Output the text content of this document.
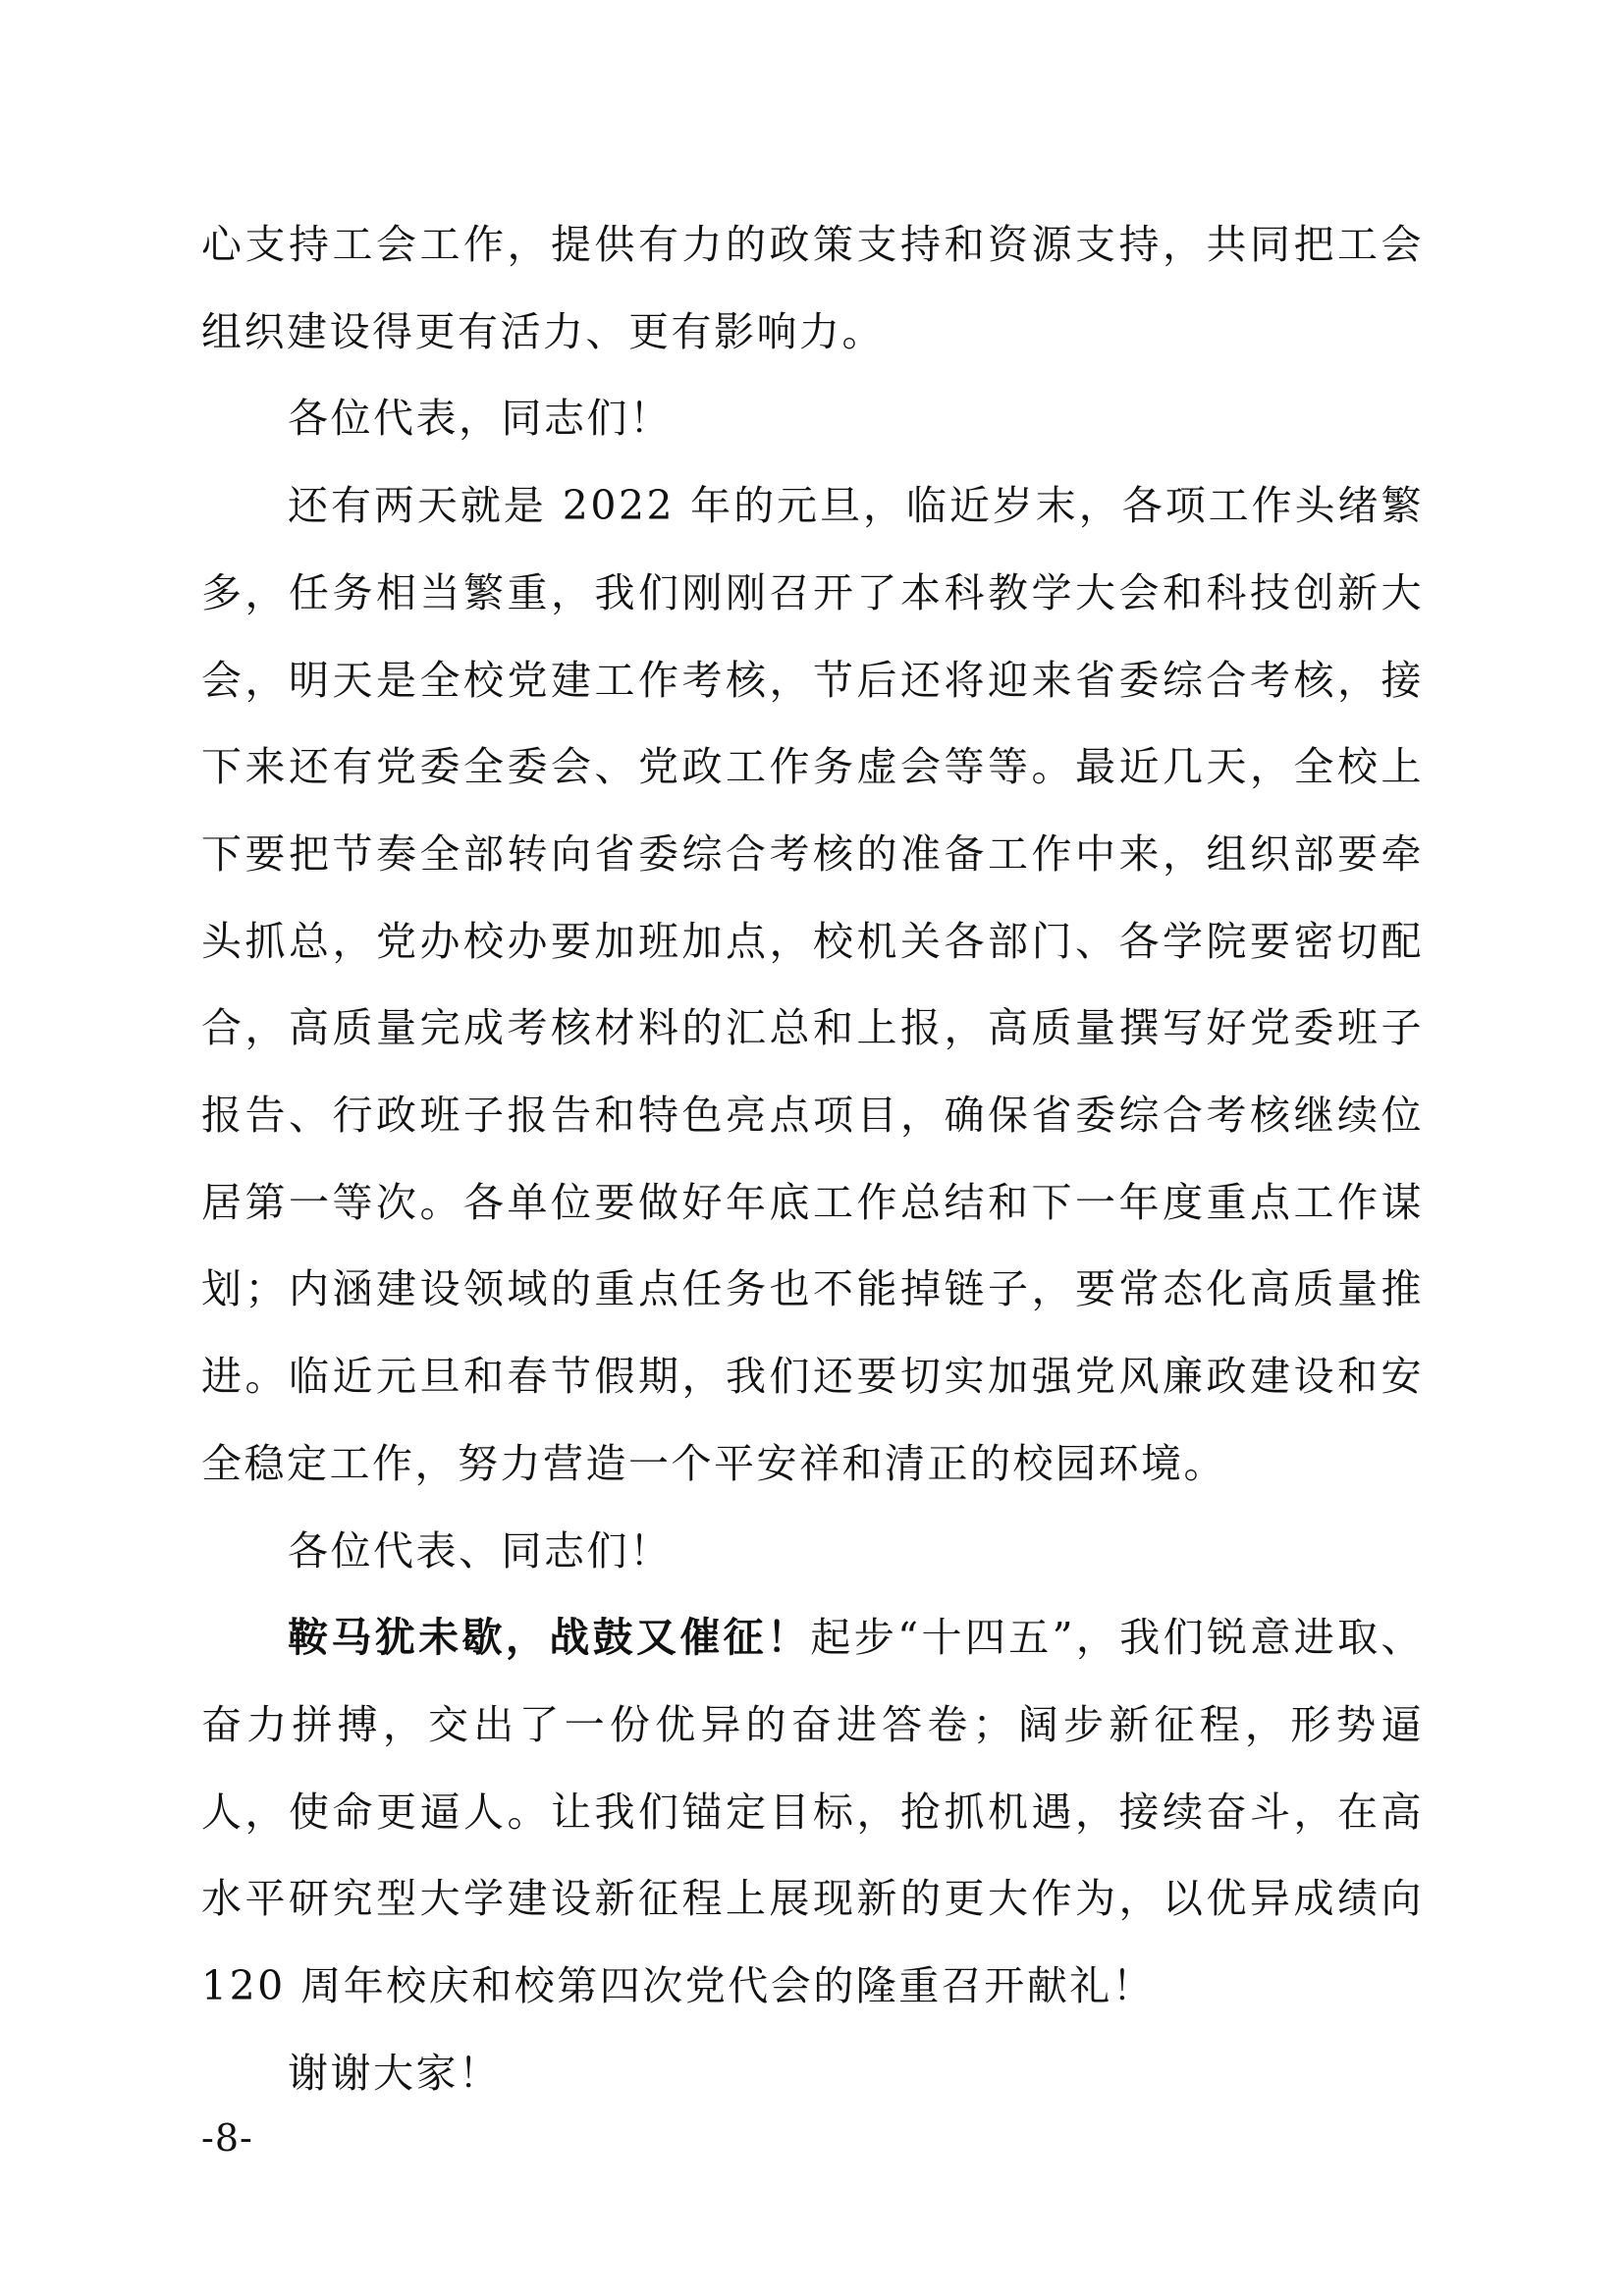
心支持工会工作，提供有力的政策支持和资源支持，共同把工会组织建设得更有活力、更有影响力。

各位代表，同志们！

还有两天就是 2022 年的元旦，临近岁末，各项工作头绪繁多，任务相当繁重，我们刚刚召开了本科教学大会和科技创新大会，明天是全校党建工作考核，节后还将迎来省委综合考核，接下来还有党委全委会、党政工作务虚会等等。最近几天，全校上下要把节奏全部转向省委综合考核的准备工作中来，组织部要牵头抓总，党办校办要加班加点，校机关各部门、各学院要密切配合，高质量完成考核材料的汇总和上报，高质量撰写好党委班子报告、行政班子报告和特色亮点项目，确保省委综合考核继续位居第一等次。各单位要做好年底工作总结和下一年度重点工作谋划；内涵建设领域的重点任务也不能掉链子，要常态化高质量推进。临近元旦和春节假期，我们还要切实加强党风廉政建设和安全稳定工作，努力营造一个平安祥和清正的校园环境。

各位代表、同志们！

鞍马犹未歇，战鼓又催征！起步“十四五”，我们锐意进取、奋力拼搏，交出了一份优异的奋进答卷；阔步新征程，形势逼人，使命更逼人。让我们锚定目标，抢抓机遇，接续奋斗，在高水平研究型大学建设新征程上展现新的更大作为，以优异成绩向 120 周年校庆和校第四次党代会的隆重召开献礼！

谢谢大家！

-8-
